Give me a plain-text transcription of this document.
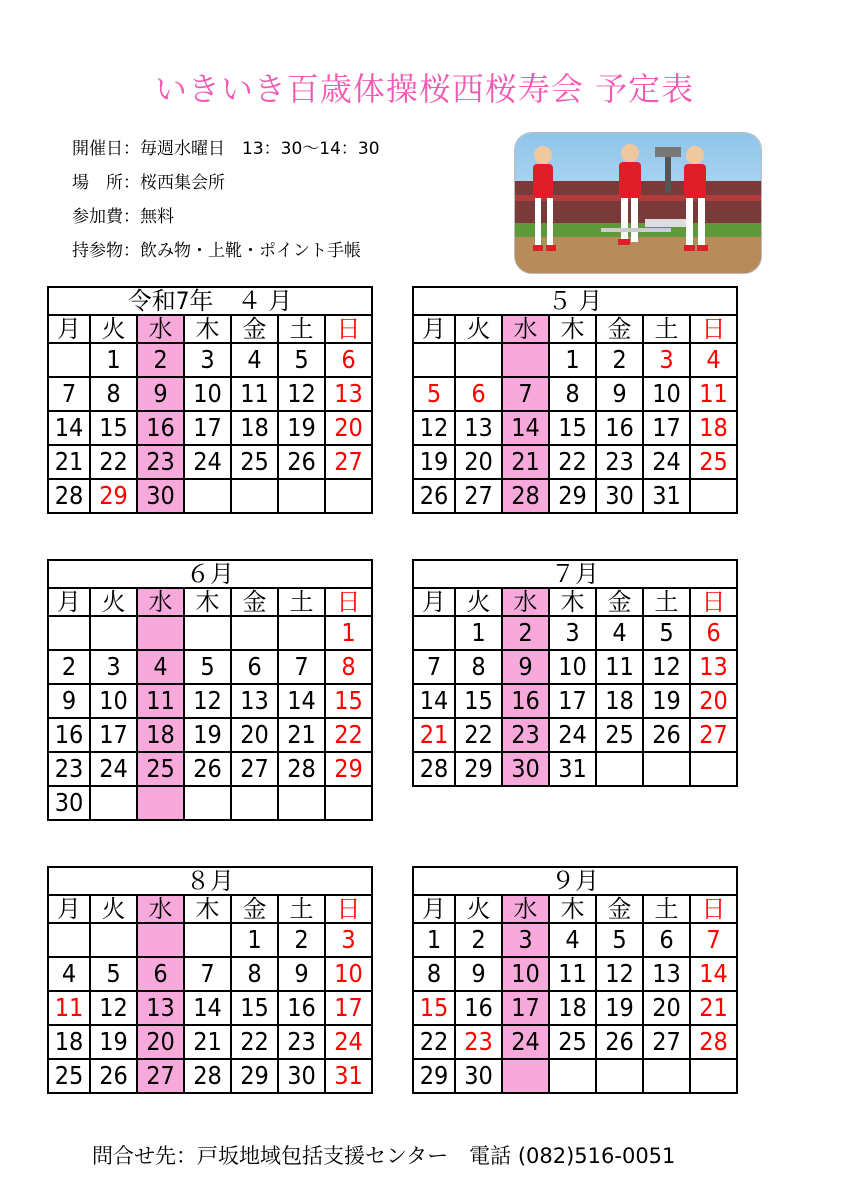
いきいき百歳体操桜西桜寿会 予定表
開催日：毎週水曜日　13：30〜14：30
場　所：桜西集会所
参加費：無料
持参物：飲み物・上靴・ポイント手帳
令和7年　４ 月						
月	火	水	木	金	土	日
	1	2	3	4	5	6
7	8	9	10	11	12	13
14	15	16	17	18	19	20
21	22	23	24	25	26	27
28	29	30				
５ 月						
月	火	水	木	金	土	日
			1	2	3	4
5	6	7	8	9	10	11
12	13	14	15	16	17	18
19	20	21	22	23	24	25
26	27	28	29	30	31	
６月						
月	火	水	木	金	土	日
						1
2	3	4	5	6	7	8
9	10	11	12	13	14	15
16	17	18	19	20	21	22
23	24	25	26	27	28	29
30						
７月						
月	火	水	木	金	土	日
	1	2	3	4	5	6
7	8	9	10	11	12	13
14	15	16	17	18	19	20
21	22	23	24	25	26	27
28	29	30	31			
８月						
月	火	水	木	金	土	日
				1	2	3
4	5	6	7	8	9	10
11	12	13	14	15	16	17
18	19	20	21	22	23	24
25	26	27	28	29	30	31
９月						
月	火	水	木	金	土	日
1	2	3	4	5	6	7
8	9	10	11	12	13	14
15	16	17	18	19	20	21
22	23	24	25	26	27	28
29	30					
問合せ先：戸坂地域包括支援センター　電話 (082)516-0051
